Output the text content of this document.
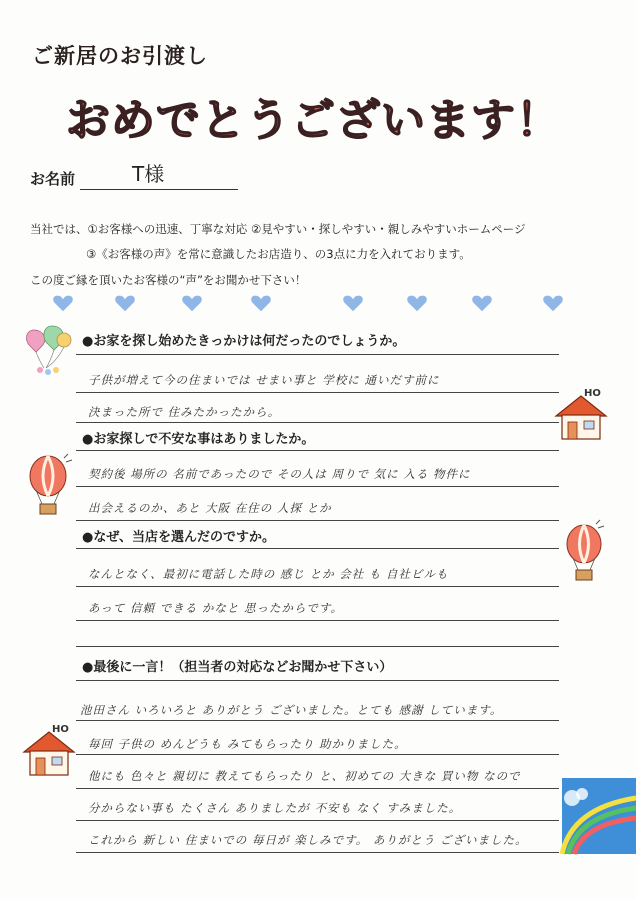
ご新居のお引渡し
おめでとうございます！
お名前	T様
当社では、①お客様への迅速、丁寧な対応 ②見やすい・探しやすい・親しみやすいホームページ
③《お客様の声》を常に意識したお店造り、の3点に力を入れております。
この度ご縁を頂いたお客様の“声”をお聞かせ下さい！
HO
HO
●お家を探し始めたきっかけは何だったのでしょうか。
子供が増えて今の住まいでは せまい事と 学校に 通いだす前に
決まった所で 住みたかったから。
●お家探しで不安な事はありましたか。
契約後 場所の 名前であったので その人は 周りで 気に 入る 物件に
出会えるのか、あと 大阪 在住の 人探 とか
●なぜ、当店を選んだのですか。
なんとなく、最初に電話した時の 感じ とか 会社 も 自社ビルも
あって 信頼 できる かなと 思ったからです。
●最後に一言！（担当者の対応などお聞かせ下さい）
池田さん いろいろと ありがとう ございました。とても 感謝 しています。
毎回 子供の めんどうも みてもらったり 助かりました。
他にも 色々と 親切に 教えてもらったり と、初めての 大きな 買い物 なので
分からない事も たくさん ありましたが 不安も なく すみました。
これから 新しい 住まいでの 毎日が 楽しみです。 ありがとう ございました。
